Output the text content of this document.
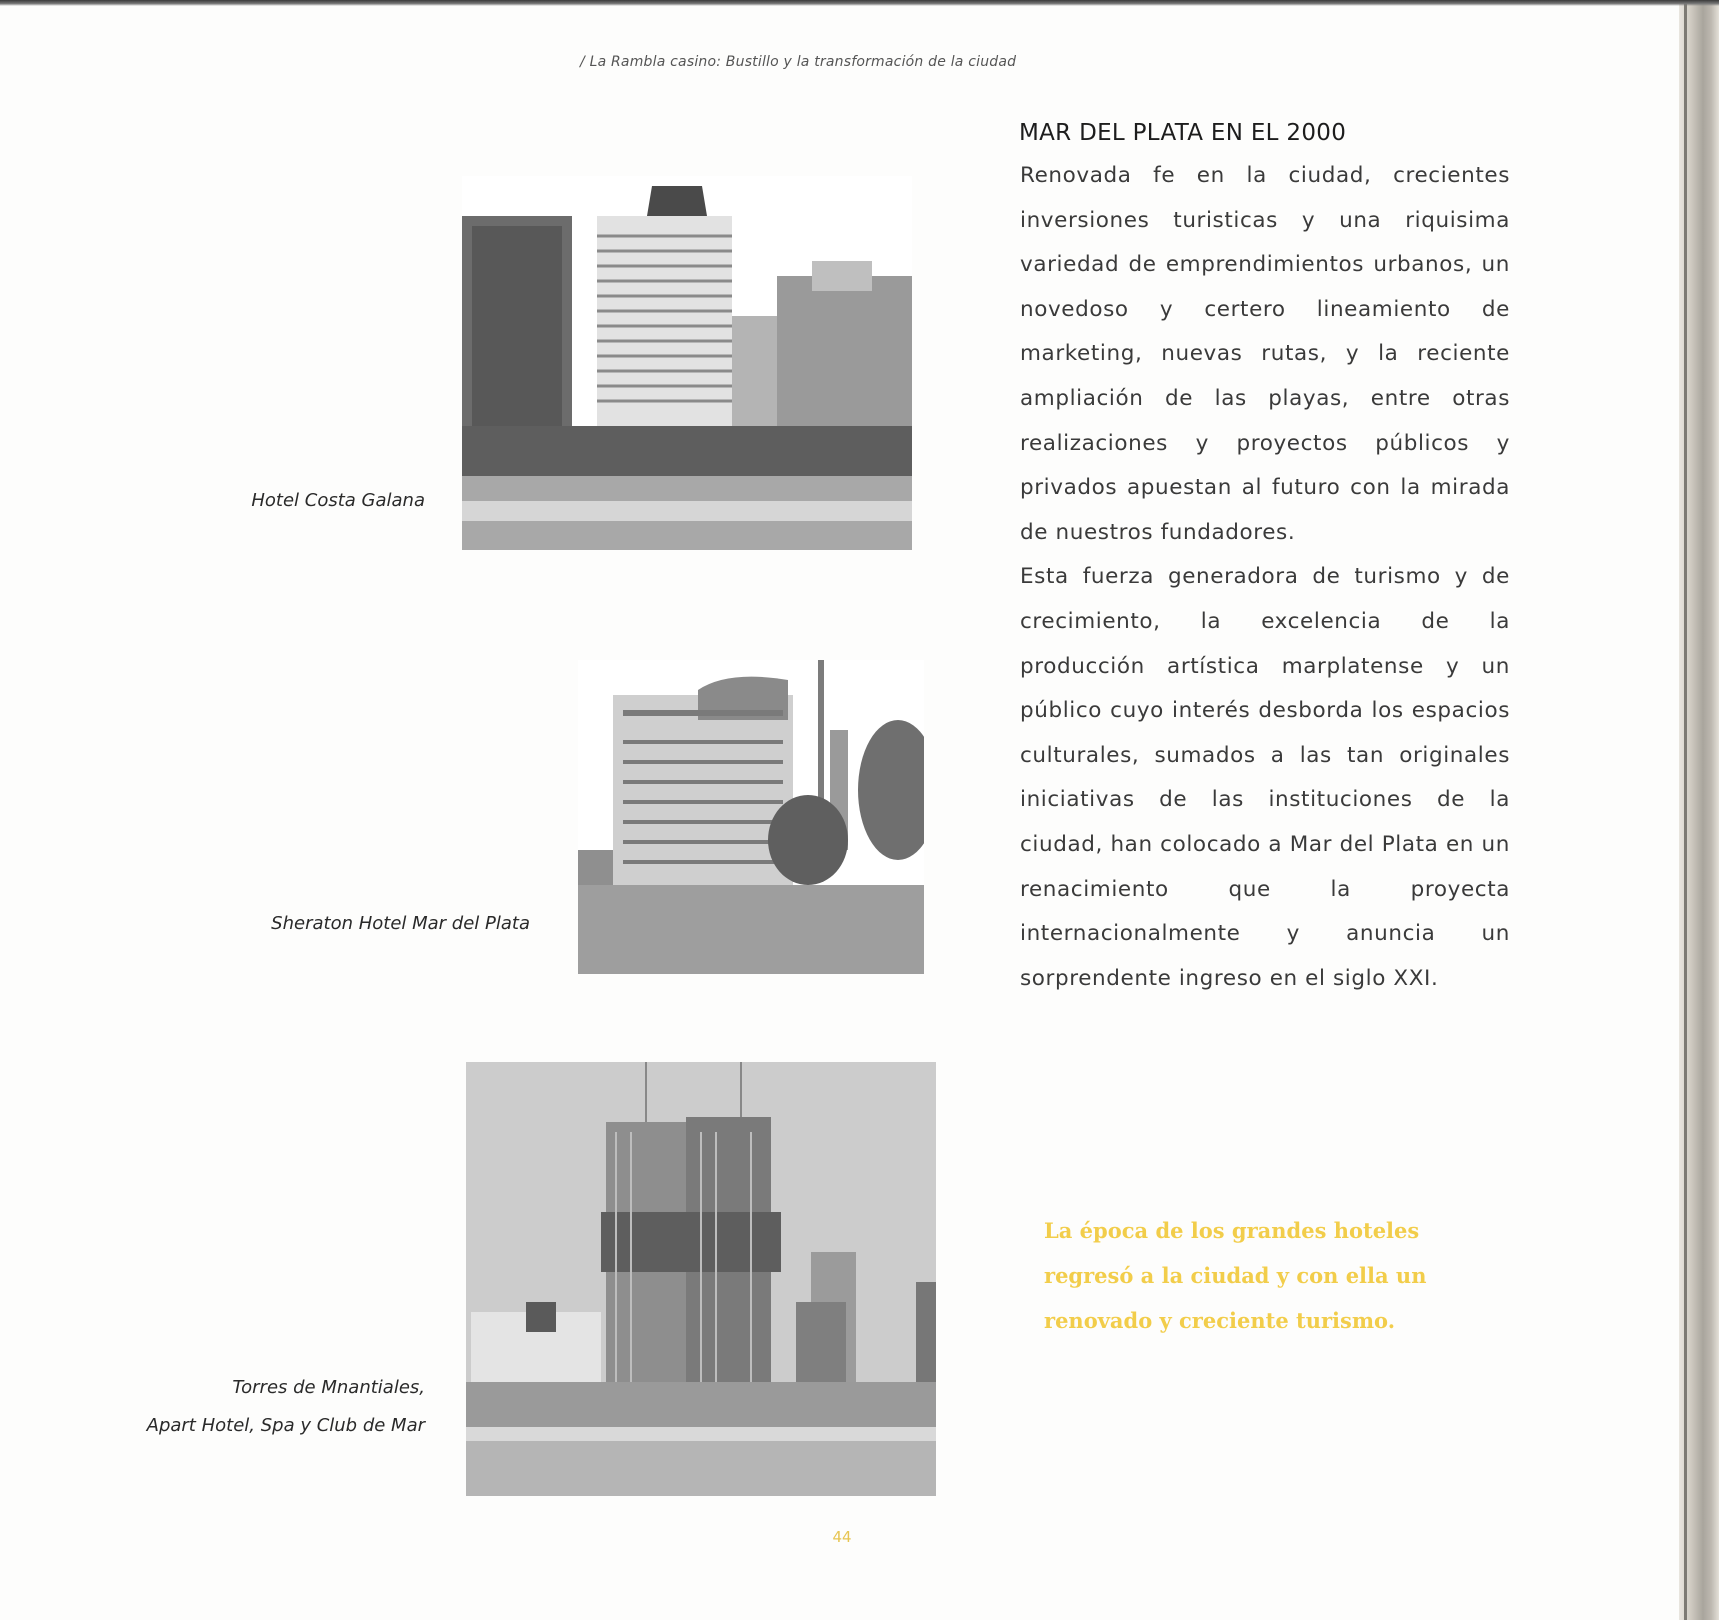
/ La Rambla casino: Bustillo y la transformación de la ciudad
Hotel Costa Galana
Sheraton Hotel Mar del Plata
Torres de Mnantiales,
Apart Hotel, Spa y Club de Mar
MAR DEL PLATA EN EL 2000

Renovada fe en la ciudad, crecientes inversiones turisticas y una riquisima variedad de emprendimientos urbanos, un novedoso y certero lineamiento de marketing, nuevas rutas, y la reciente ampliación de las playas, entre otras realizaciones y proyectos públicos y privados apuestan al futuro con la mirada de nuestros fundadores.

Esta fuerza generadora de turismo y de crecimiento, la excelencia de la producción artística marplatense y un público cuyo interés desborda los espacios culturales, sumados a las tan originales iniciativas de las instituciones de la ciudad, han colocado a Mar del Plata en un renacimiento que la proyecta internacionalmente y anuncia un sorprendente ingreso en el siglo XXI.

La época de los grandes hoteles regresó a la ciudad y con ella un renovado y creciente turismo.
44
